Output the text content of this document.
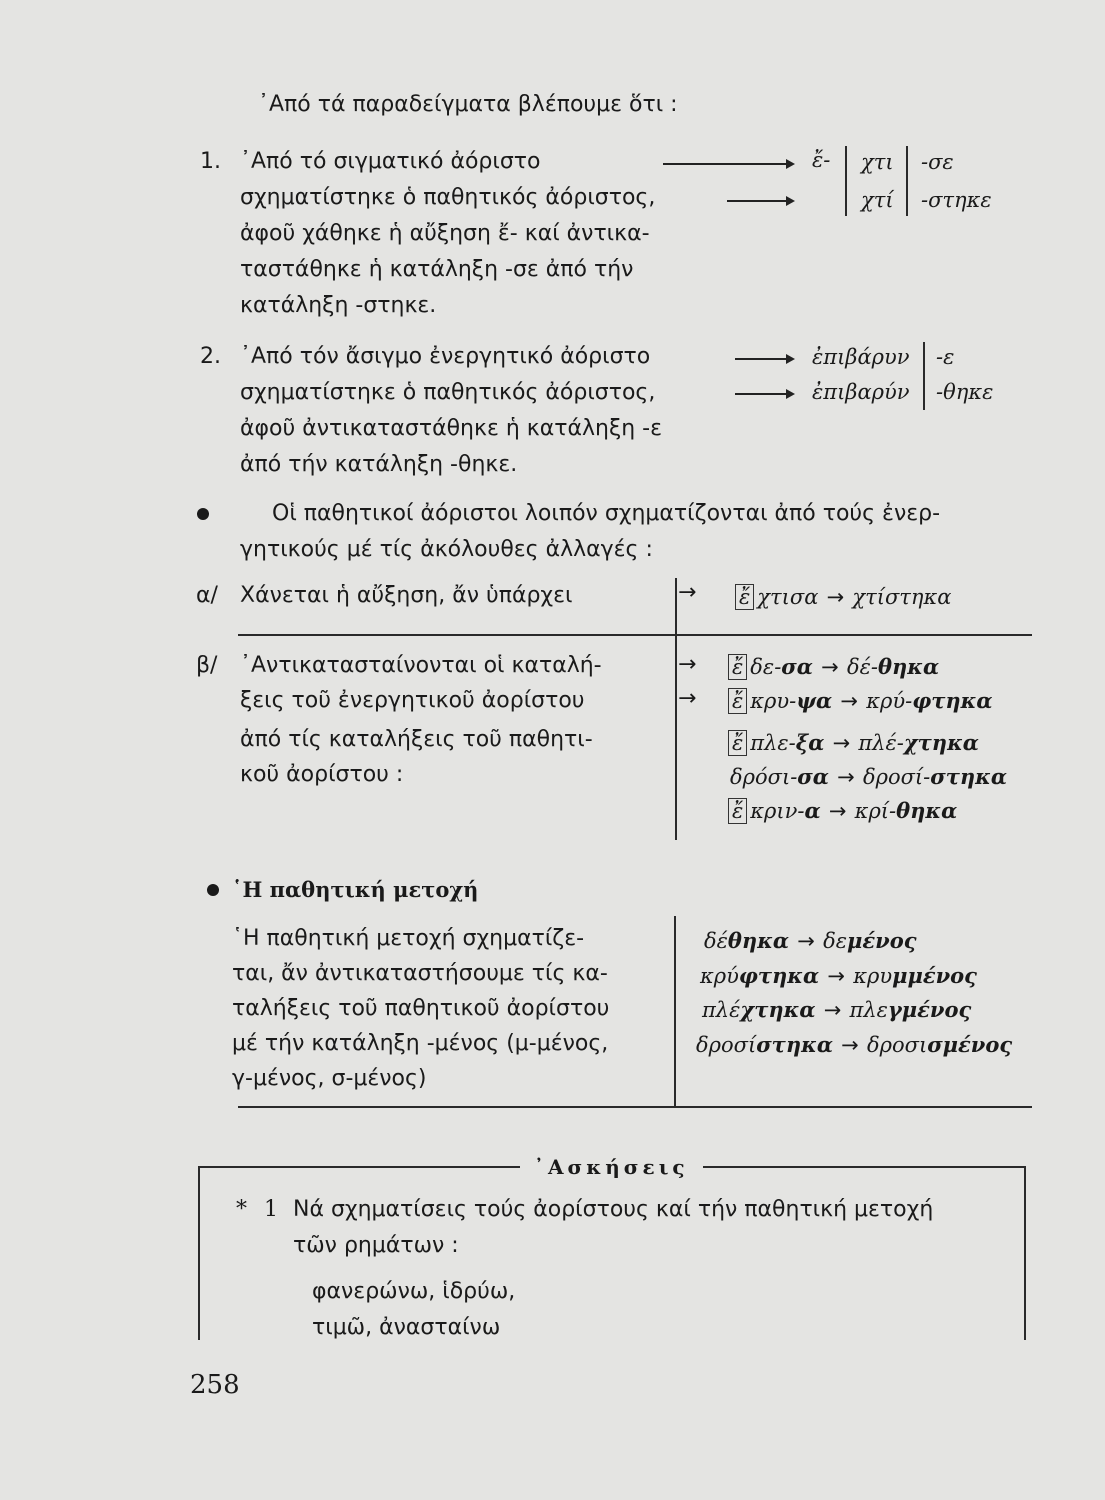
᾽Από τά παραδείγματα βλέπουμε ὅτι :
1. ᾽Από τό σιγματικό ἀόριστο
σχηματίστηκε ὁ παθητικός ἀόριστος,
ἀφοῦ χάθηκε ἡ αὔξηση ἔ- καί ἀντικα-
ταστάθηκε ἡ κατάληξη -σε ἀπό τήν
κατάληξη -στηκε.
ἔ- χτι
χτί
-σε
-στηκε
2. ᾽Από τόν ἄσιγμο ἐνεργητικό ἀόριστο
σχηματίστηκε ὁ παθητικός ἀόριστος,
ἀφοῦ ἀντικαταστάθηκε ἡ κατάληξη -ε
ἀπό τήν κατάληξη -θηκε.
ἐπιβάρυν
ἐπιβαρύν
-ε
-θηκε
Οἱ παθητικοί ἀόριστοι λοιπόν σχηματίζονται ἀπό τούς ἐνερ-
γητικούς μέ τίς ἀκόλουθες ἀλλαγές :
α/ Χάνεται ἡ αὔξηση, ἄν ὑπάρχει	→ ἔ χτισα → χτίστηκα
β/ ᾽Αντικατασταίνονται οἱ καταλή-
ξεις τοῦ ἐνεργητικοῦ ἀορίστου
ἀπό τίς καταλήξεις τοῦ παθητι-
κοῦ ἀορίστου :
→
→
ἔ δε-σα → δέ-θηκα
ἔ κρυ-ψα → κρύ-φτηκα
ἔ πλε-ξα → πλέ-χτηκα
δρόσι-σα → δροσί-στηκα
ἔ κριν-α → κρί-θηκα
῾Η παθητική μετοχή
῾Η παθητική μετοχή σχηματίζε-
ται, ἄν ἀντικαταστήσουμε τίς κα-
ταλήξεις τοῦ παθητικοῦ ἀορίστου
μέ τήν κατάληξη -μένος (μ-μένος,
γ-μένος, σ-μένος)
δέθηκα → δεμένος
κρύφτηκα → κρυμμένος
πλέχτηκα → πλεγμένος
δροσίστηκα → δροσισμένος
᾽Ασκήσεις
* 1 Νά σχηματίσεις τούς ἀορίστους καί τήν παθητική μετοχή
τῶν ρημάτων :
φανερώνω, ἱδρύω,
τιμῶ, ἀνασταίνω
258
